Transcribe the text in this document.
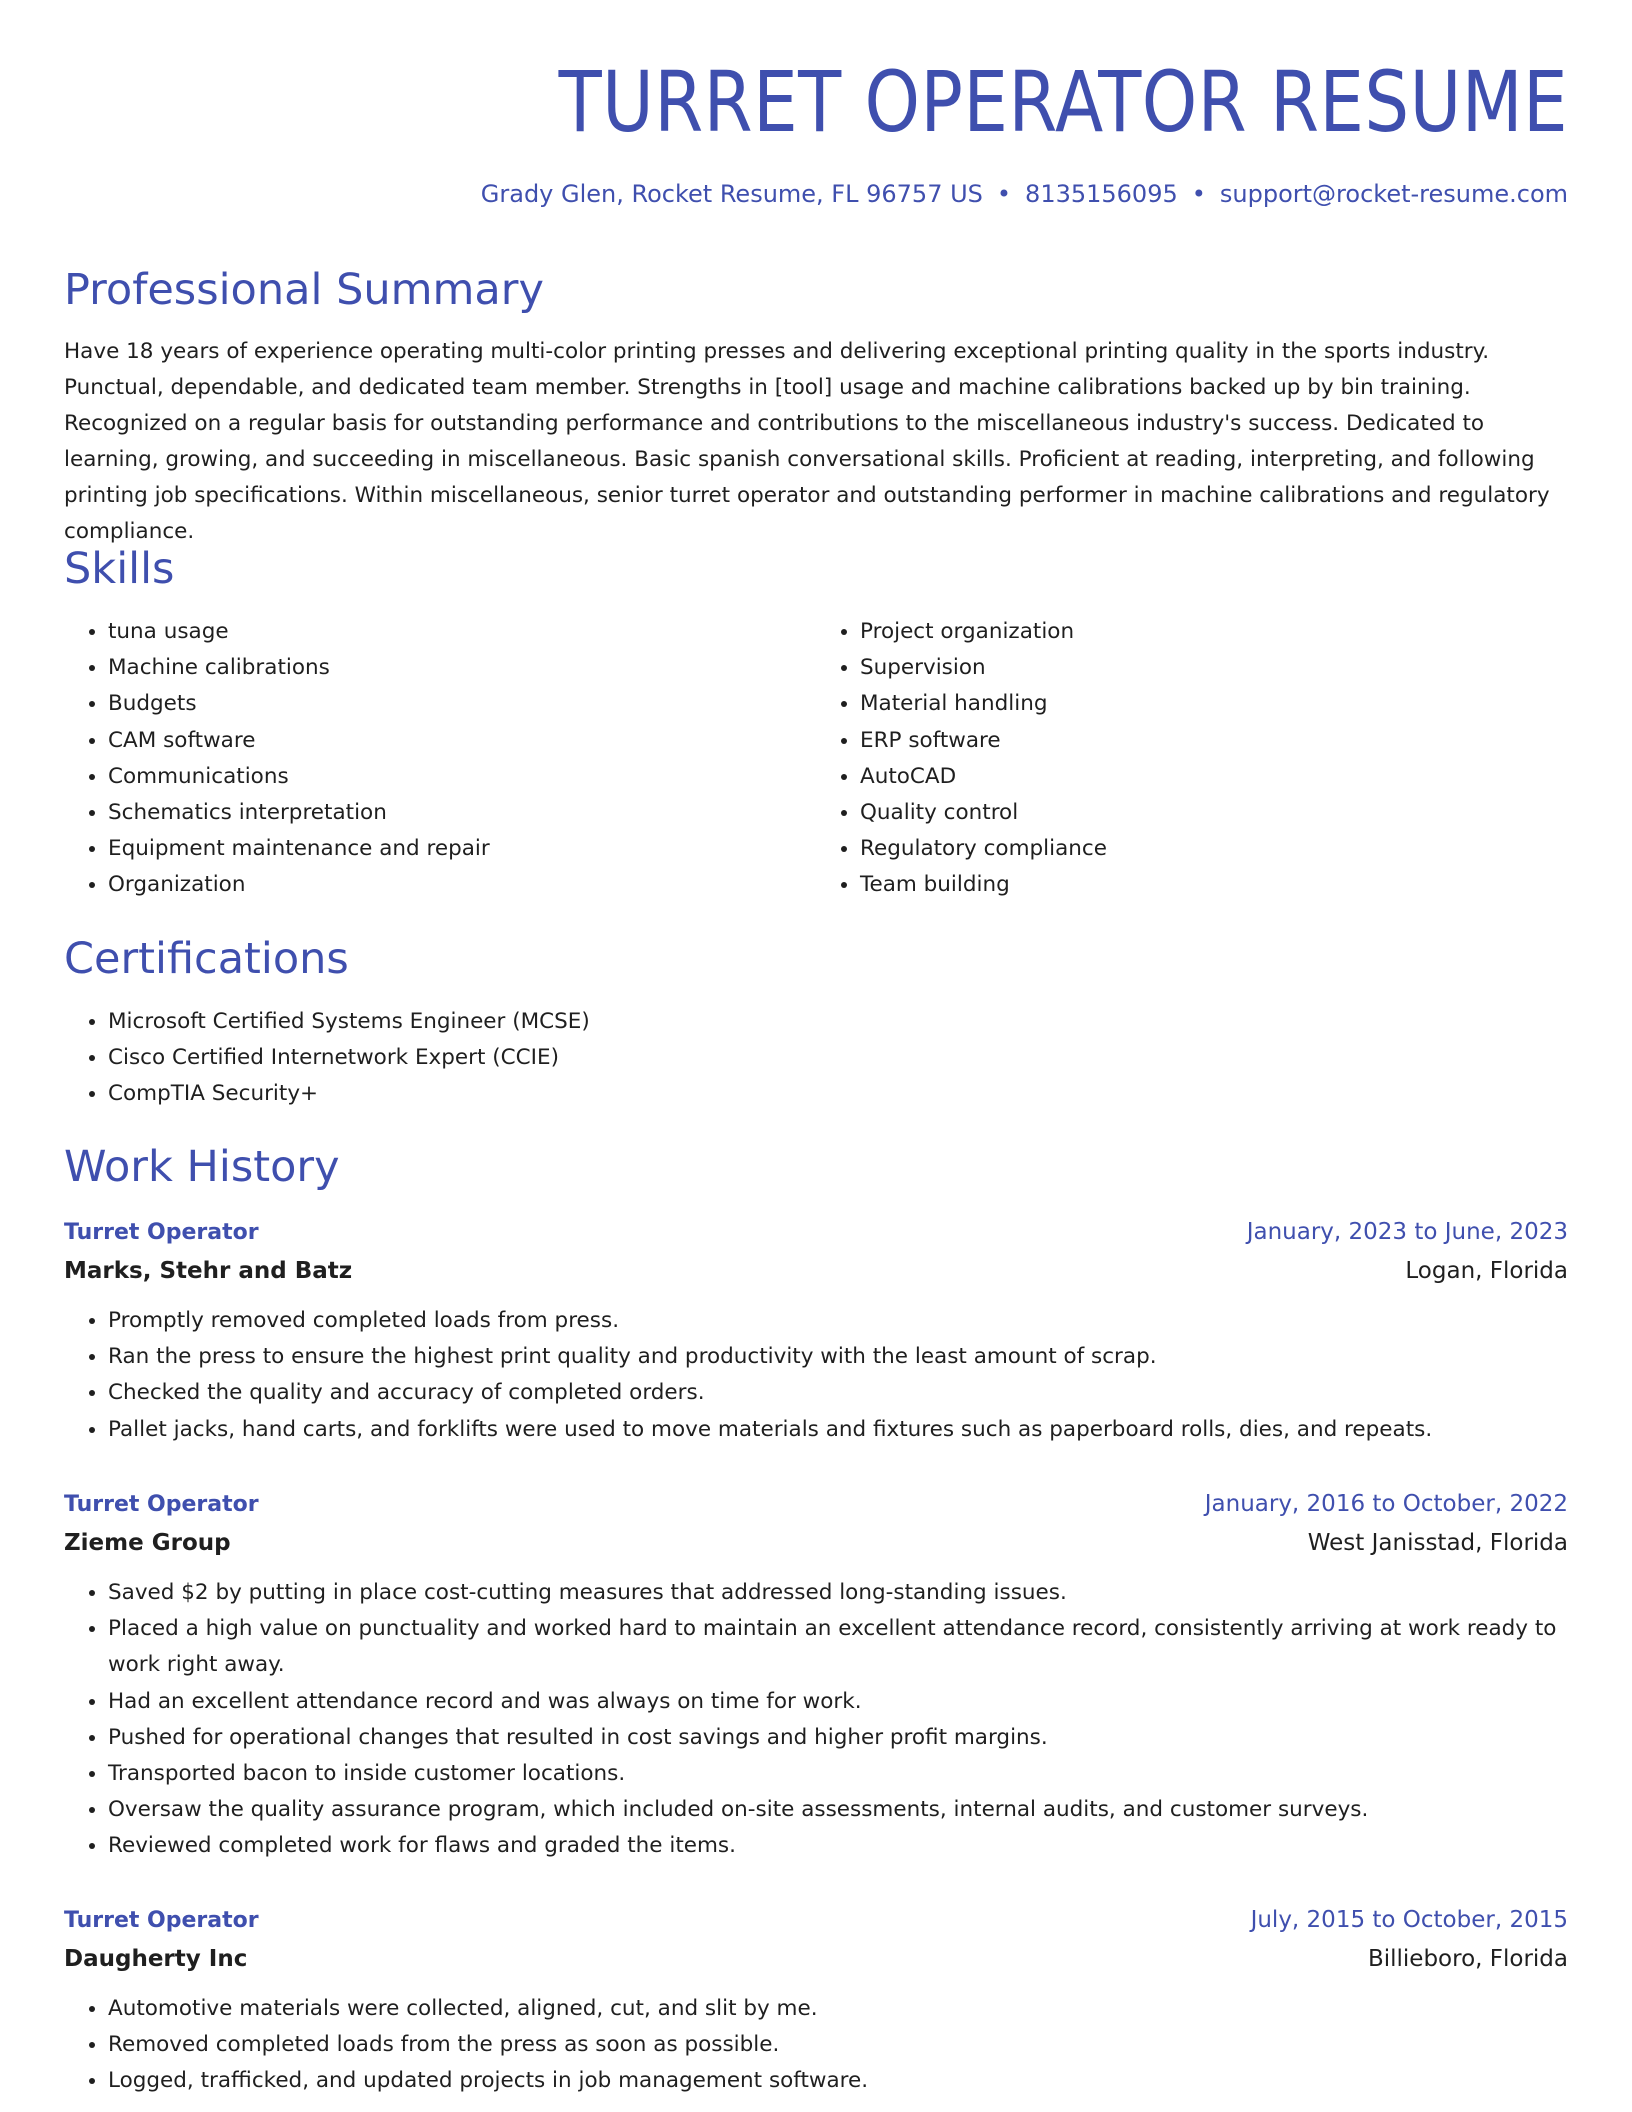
TURRET OPERATOR RESUME
Grady Glen, Rocket Resume, FL 96757 US • 8135156095 • support@rocket-resume.com
Professional Summary

Have 18 years of experience operating multi-color printing presses and delivering exceptional printing quality in the sports industry. Punctual, dependable, and dedicated team member. Strengths in [tool] usage and machine calibrations backed up by bin training. Recognized on a regular basis for outstanding performance and contributions to the miscellaneous industry's success. Dedicated to learning, growing, and succeeding in miscellaneous. Basic spanish conversational skills. Proficient at reading, interpreting, and following printing job specifications. Within miscellaneous, senior turret operator and outstanding performer in machine calibrations and regulatory compliance.

Skills
• tuna usage
• Machine calibrations
• Budgets
• CAM software
• Communications
• Schematics interpretation
• Equipment maintenance and repair
• Organization
• Project organization
• Supervision
• Material handling
• ERP software
• AutoCAD
• Quality control
• Regulatory compliance
• Team building
Certifications
• Microsoft Certified Systems Engineer (MCSE)
• Cisco Certified Internetwork Expert (CCIE)
• CompTIA Security+
Work History
Turret Operator	January, 2023 to June, 2023
Marks, Stehr and Batz	Logan, Florida
• Promptly removed completed loads from press.
• Ran the press to ensure the highest print quality and productivity with the least amount of scrap.
• Checked the quality and accuracy of completed orders.
• Pallet jacks, hand carts, and forklifts were used to move materials and fixtures such as paperboard rolls, dies, and repeats.
Turret Operator	January, 2016 to October, 2022
Zieme Group	West Janisstad, Florida
• Saved $2 by putting in place cost-cutting measures that addressed long-standing issues.
• Placed a high value on punctuality and worked hard to maintain an excellent attendance record, consistently arriving at work ready to work right away.
• Had an excellent attendance record and was always on time for work.
• Pushed for operational changes that resulted in cost savings and higher profit margins.
• Transported bacon to inside customer locations.
• Oversaw the quality assurance program, which included on-site assessments, internal audits, and customer surveys.
• Reviewed completed work for flaws and graded the items.
Turret Operator	July, 2015 to October, 2015
Daugherty Inc	Billieboro, Florida
• Automotive materials were collected, aligned, cut, and slit by me.
• Removed completed loads from the press as soon as possible.
• Logged, trafficked, and updated projects in job management software.
